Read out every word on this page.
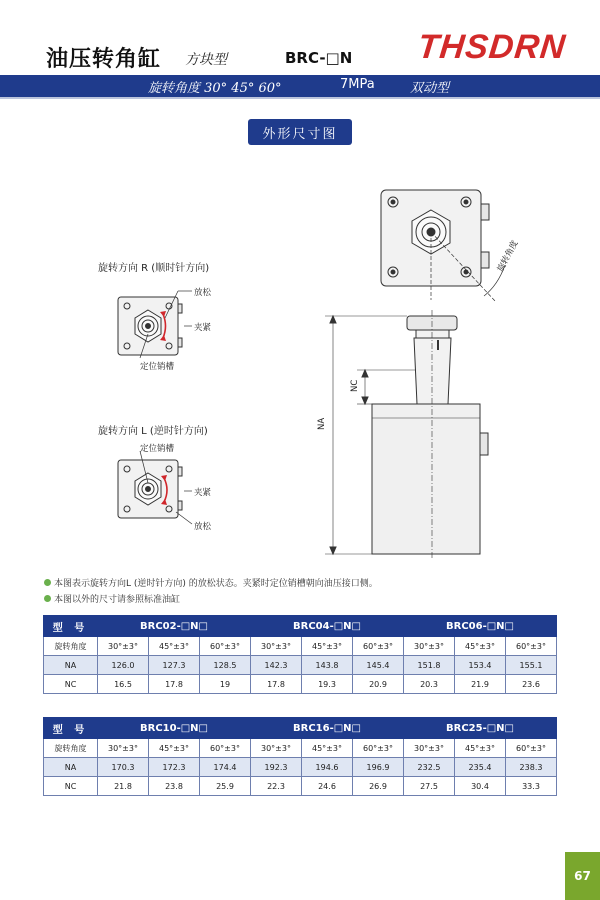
油压转角缸 方块型	BRC-□N THSDRN
旋转角度 30° 45° 60°	7MPa	双动型
外形尺寸图
旋转方向 R (顺时针方向)
放松
夹紧
定位销槽
旋转方向 L (逆时针方向)
定位销槽
夹紧
放松
旋转角度
NA
NC
本图表示旋转方向L (逆时针方向) 的放松状态。夹紧时定位销槽朝向油压接口侧。
本图以外的尺寸请参照标准油缸
型 号	BRC02-□N□			BRC04-□N□			BRC06-□N□		
旋转角度	30°±3°	45°±3°	60°±3°	30°±3°	45°±3°	60°±3°	30°±3°	45°±3°	60°±3°
NA	126.0	127.3	128.5	142.3	143.8	145.4	151.8	153.4	155.1
NC	16.5	17.8	19	17.8	19.3	20.9	20.3	21.9	23.6
型 号	BRC10-□N□			BRC16-□N□			BRC25-□N□		
旋转角度	30°±3°	45°±3°	60°±3°	30°±3°	45°±3°	60°±3°	30°±3°	45°±3°	60°±3°
NA	170.3	172.3	174.4	192.3	194.6	196.9	232.5	235.4	238.3
NC	21.8	23.8	25.9	22.3	24.6	26.9	27.5	30.4	33.3
67
